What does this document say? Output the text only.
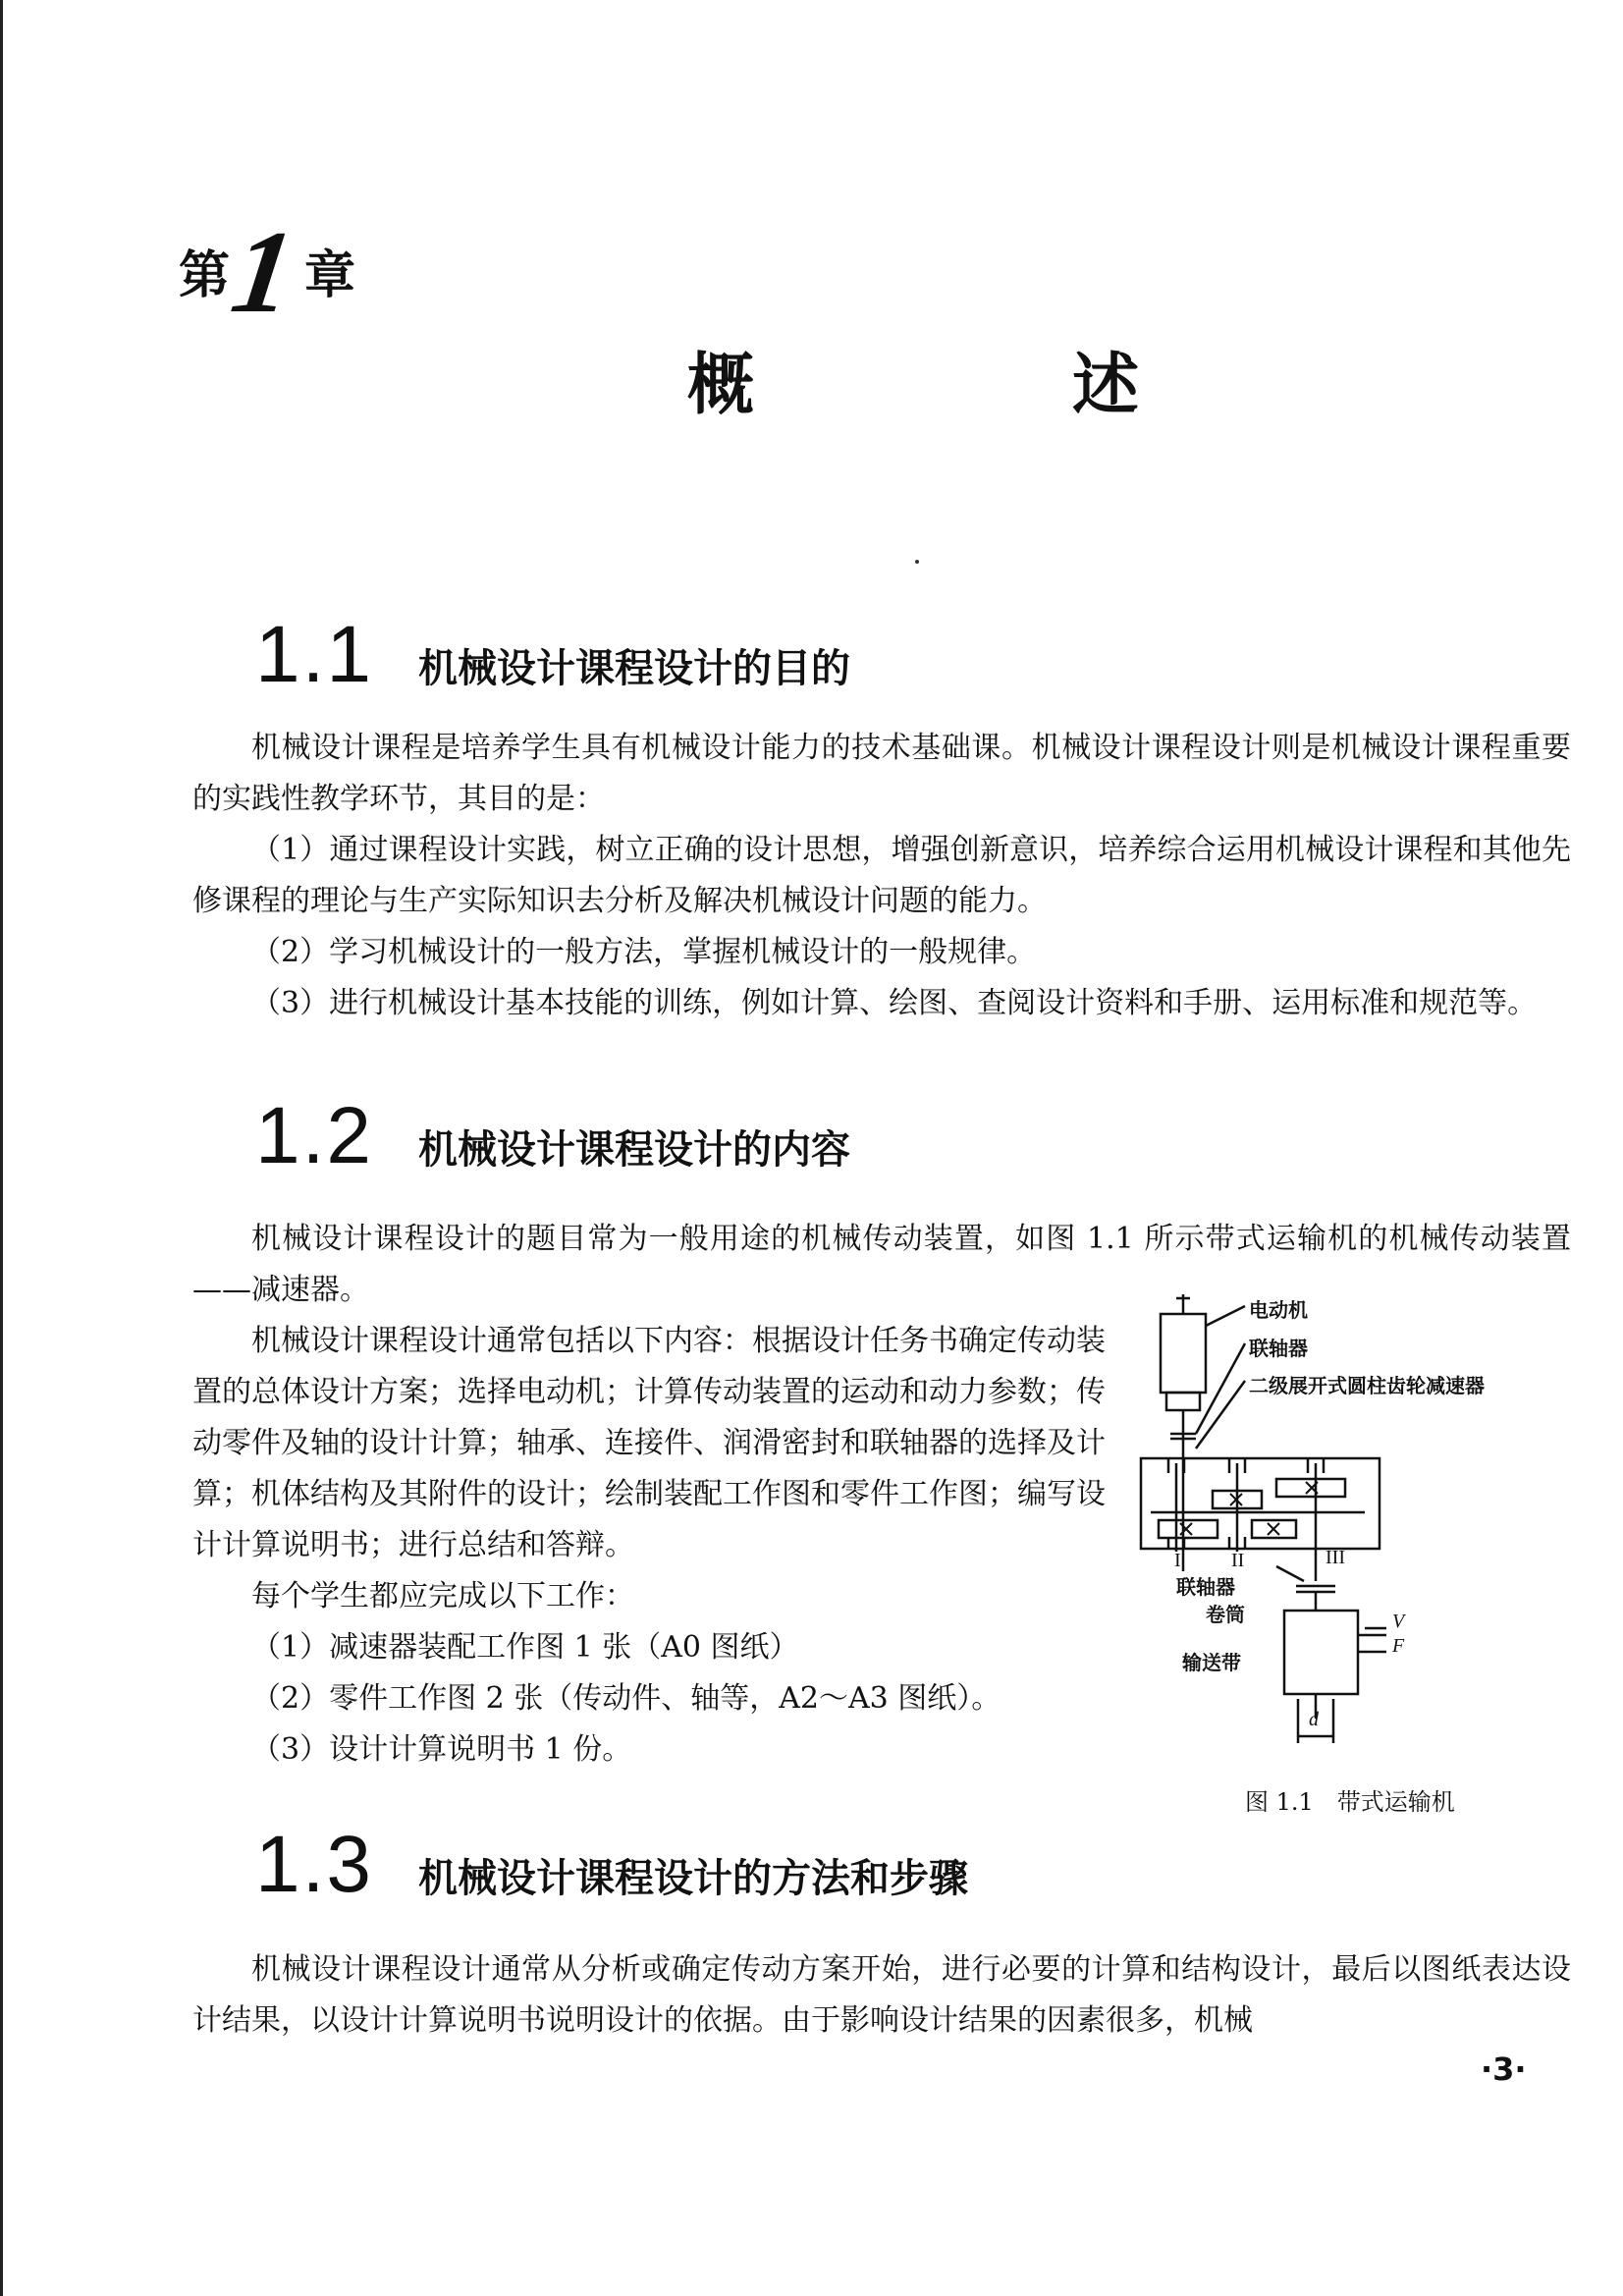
第
1 章
概	述
1.1 机械设计课程设计的目的
机械设计课程是培养学生具有机械设计能力的技术基础课。机械设计课程设计则是机械设计课程重要的实践性教学环节，其目的是：
（1）通过课程设计实践，树立正确的设计思想，增强创新意识，培养综合运用机械设计课程和其他先修课程的理论与生产实际知识去分析及解决机械设计问题的能力。
（2）学习机械设计的一般方法，掌握机械设计的一般规律。
（3）进行机械设计基本技能的训练，例如计算、绘图、查阅设计资料和手册、运用标准和规范等。
1.2 机械设计课程设计的内容
机械设计课程设计的题目常为一般用途的机械传动装置，如图 1.1 所示带式运输机的机械传动装置——减速器。
机械设计课程设计通常包括以下内容：根据设计任务书确定传动装置的总体设计方案；选择电动机；计算传动装置的运动和动力参数；传动零件及轴的设计计算；轴承、连接件、润滑密封和联轴器的选择及计算；机体结构及其附件的设计；绘制装配工作图和零件工作图；编写设计计算说明书；进行总结和答辩。
每个学生都应完成以下工作：
（1）减速器装配工作图 1 张（A0 图纸）
（2）零件工作图 2 张（传动件、轴等，A2～A3 图纸）。
（3）设计计算说明书 1 份。
电动机
联轴器
二级展开式圆柱齿轮减速器
I	II	III
联轴器
卷筒
输送带
V
F
d
图 1.1　带式运输机
1.3 机械设计课程设计的方法和步骤
机械设计课程设计通常从分析或确定传动方案开始，进行必要的计算和结构设计，最后以图纸表达设计结果，以设计计算说明书说明设计的依据。由于影响设计结果的因素很多，机械
·3·
